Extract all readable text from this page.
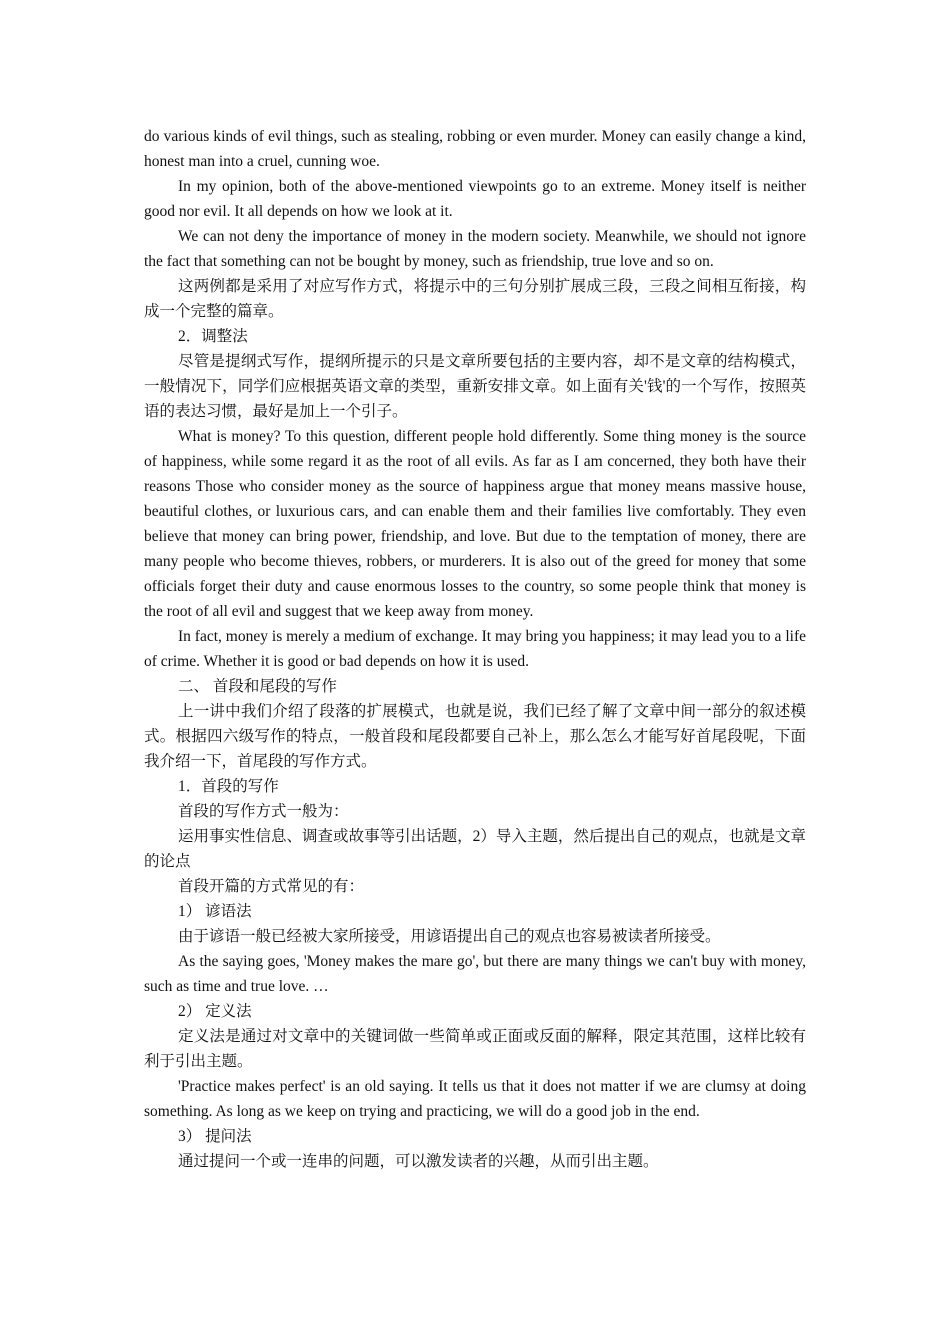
do various kinds of evil things, such as stealing, robbing or even murder. Money can easily change a kind, honest man into a cruel, cunning woe.

In my opinion, both of the above-mentioned viewpoints go to an extreme. Money itself is neither good nor evil. It all depends on how we look at it.

We can not deny the importance of money in the modern society. Meanwhile, we should not ignore the fact that something can not be bought by money, such as friendship, true love and so on.

这两例都是采用了对应写作方式，将提示中的三句分别扩展成三段，三段之间相互衔接，构成一个完整的篇章。

2．调整法

尽管是提纲式写作，提纲所提示的只是文章所要包括的主要内容，却不是文章的结构模式，一般情况下，同学们应根据英语文章的类型，重新安排文章。如上面有关'钱'的一个写作，按照英语的表达习惯，最好是加上一个引子。

What is money? To this question, different people hold differently. Some thing money is the source of happiness, while some regard it as the root of all evils. As far as I am concerned, they both have their reasons Those who consider money as the source of happiness argue that money means massive house, beautiful clothes, or luxurious cars, and can enable them and their families live comfortably. They even believe that money can bring power, friendship, and love. But due to the temptation of money, there are many people who become thieves, robbers, or murderers. It is also out of the greed for money that some officials forget their duty and cause enormous losses to the country, so some people think that money is the root of all evil and suggest that we keep away from money.

In fact, money is merely a medium of exchange. It may bring you happiness; it may lead you to a life of crime. Whether it is good or bad depends on how it is used.

二、 首段和尾段的写作

上一讲中我们介绍了段落的扩展模式，也就是说，我们已经了解了文章中间一部分的叙述模式。根据四六级写作的特点，一般首段和尾段都要自己补上，那么怎么才能写好首尾段呢，下面我介绍一下，首尾段的写作方式。

1．首段的写作

首段的写作方式一般为：

运用事实性信息、调查或故事等引出话题，2）导入主题，然后提出自己的观点，也就是文章的论点

首段开篇的方式常见的有：

1） 谚语法

由于谚语一般已经被大家所接受，用谚语提出自己的观点也容易被读者所接受。

As the saying goes, 'Money makes the mare go', but there are many things we can't buy with money, such as time and true love. …

2） 定义法

定义法是通过对文章中的关键词做一些简单或正面或反面的解释，限定其范围，这样比较有利于引出主题。

'Practice makes perfect' is an old saying. It tells us that it does not matter if we are clumsy at doing something. As long as we keep on trying and practicing, we will do a good job in the end.

3） 提问法

通过提问一个或一连串的问题，可以激发读者的兴趣，从而引出主题。
